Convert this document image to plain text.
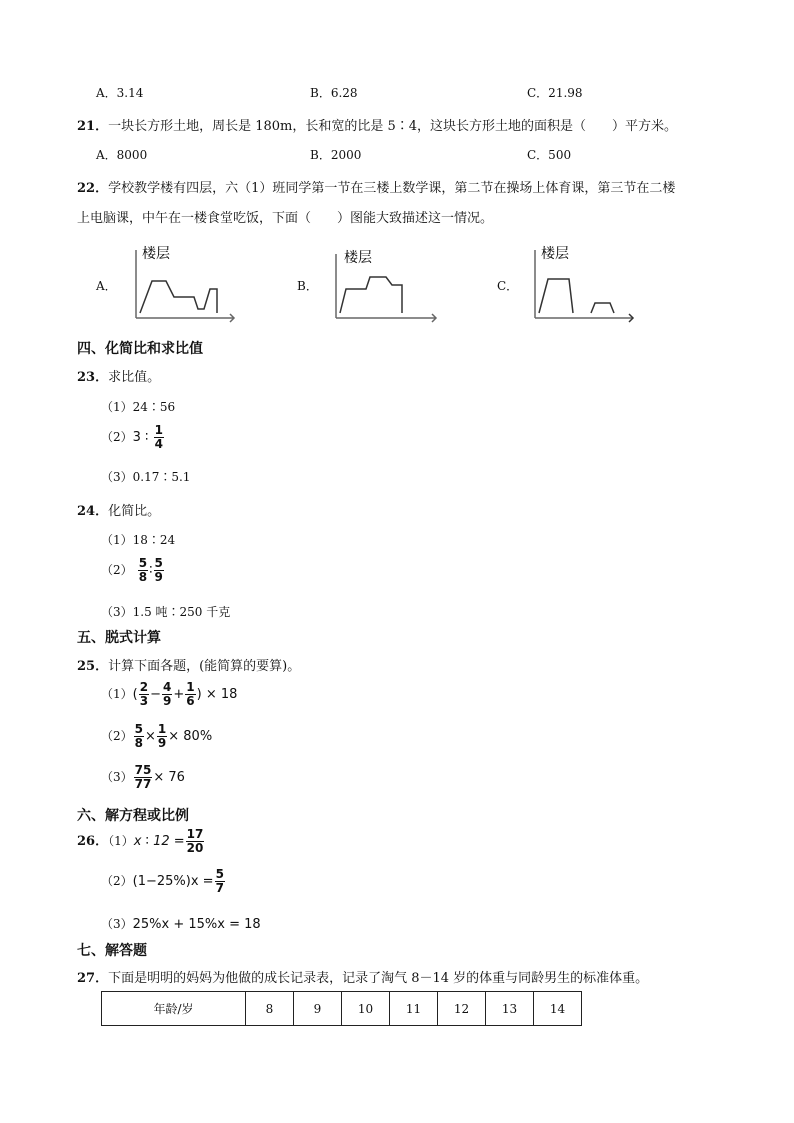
A．3.14	B．6.28	C．21.98
21．一块长方形土地，周长是 180m，长和宽的比是 5∶4，这块长方形土地的面积是（　　）平方米。
A．8000	B．2000	C．500
22．学校教学楼有四层，六（1）班同学第一节在三楼上数学课，第二节在操场上体育课，第三节在二楼
上电脑课，中午在一楼食堂吃饭，下面（　　）图能大致描述这一情况。
A．
楼层
B．
楼层
C．
楼层
四、化简比和求比值
23．求比值。
（1）24∶56
（2）3 ∶ $\frac{1}{4}$
（3）0.17∶5.1
24．化简比。
（1）18∶24
$(2) \frac{5}{8}$ ∶ $\frac{5}{9}$
（3）1.5 吨∶250 千克
五、脱式计算
25．计算下面各题，(能简算的要算)。
$(1)( \frac{2}{3} - \frac{4}{9} + \frac{1}{6}$ ) × 18
$(2) \frac{5}{8} \times \frac{1}{9} \times 80\%$
$(3) \frac{75}{77} \times 76$
六、解方程或比例
26．（1）x ∶ $12 = \frac{17}{20}$
$(2)(1-25\%)x = \frac{5}{7}$
（3）25%x + 15%x = 18
七、解答题
27．下面是明明的妈妈为他做的成长记录表，记录了淘气 8－14 岁的体重与同龄男生的标准体重。
年龄/岁	8	9	10	11	12	13	14
